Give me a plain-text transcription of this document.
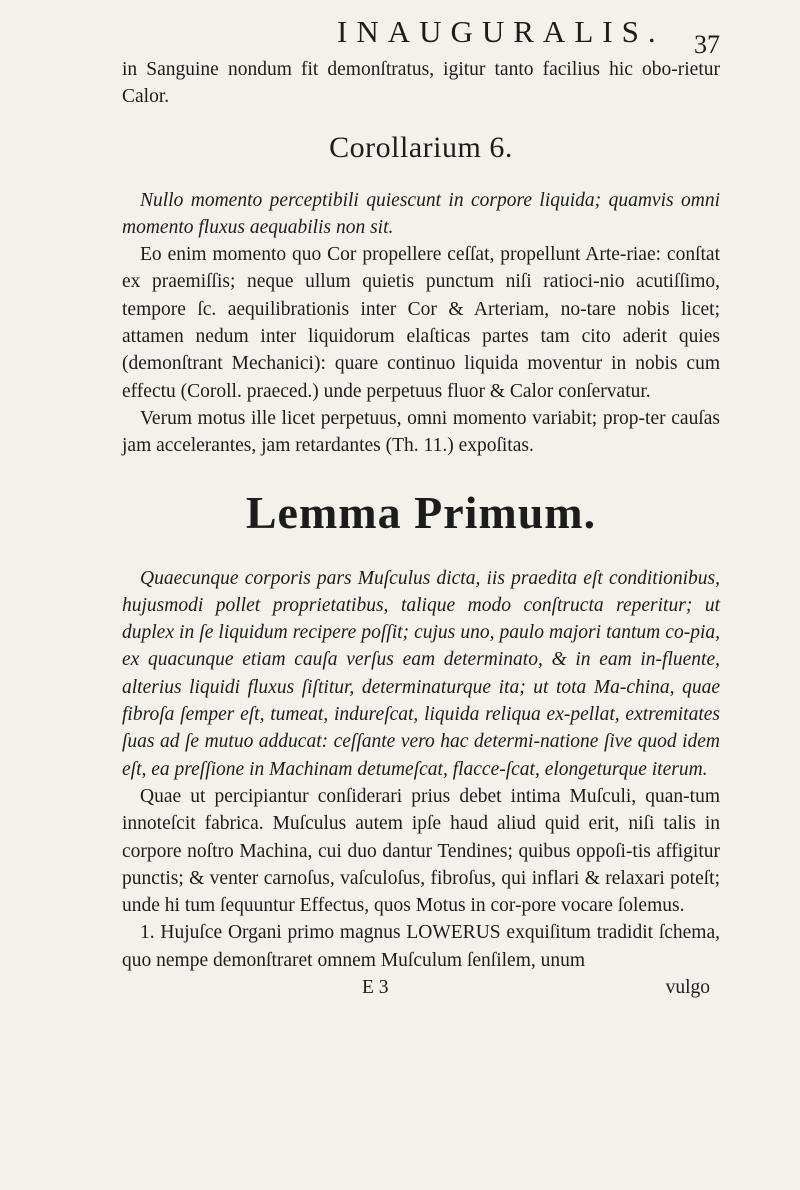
INAUGURALIS. 37

in Sanguine nondum fit demonſtratus, igitur tanto facilius hic obo-rietur Calor.

Corollarium 6.

Nullo momento perceptibili quiescunt in corpore liquida; quamvis omni momento fluxus aequabilis non sit.

Eo enim momento quo Cor propellere ceſſat, propellunt Arte-riae: conſtat ex praemiſſis; neque ullum quietis punctum niſi ratioci-nio acutiſſimo, tempore ſc. aequilibrationis inter Cor & Arteriam, no-tare nobis licet; attamen nedum inter liquidorum elaſticas partes tam cito aderit quies (demonſtrant Mechanici): quare continuo liquida moventur in nobis cum effectu (Coroll. praeced.) unde perpetuus fluor & Calor conſervatur.

Verum motus ille licet perpetuus, omni momento variabit; prop-ter cauſas jam accelerantes, jam retardantes (Th. 11.) expoſitas.

Lemma Primum.

Quaecunque corporis pars Muſculus dicta, iis praedita eſt conditionibus, hujusmodi pollet proprietatibus, talique modo conſtructa reperitur; ut duplex in ſe liquidum recipere poſſit; cujus uno, paulo majori tantum co-pia, ex quacunque etiam cauſa verſus eam determinato, & in eam in-fluente, alterius liquidi fluxus ſiſtitur, determinaturque ita; ut tota Ma-china, quae fibroſa ſemper eſt, tumeat, indureſcat, liquida reliqua ex-pellat, extremitates ſuas ad ſe mutuo adducat: ceſſante vero hac determi-natione ſive quod idem eſt, ea preſſione in Machinam detumeſcat, flacce-ſcat, elongeturque iterum.

Quae ut percipiantur conſiderari prius debet intima Muſculi, quan-tum innoteſcit fabrica. Muſculus autem ipſe haud aliud quid erit, niſi talis in corpore noſtro Machina, cui duo dantur Tendines; quibus oppoſi-tis affigitur punctis; & venter carnoſus, vaſculoſus, fibroſus, qui inflari & relaxari poteſt; unde hi tum ſequuntur Effectus, quos Motus in cor-pore vocare ſolemus.

1. Hujuſce Organi primo magnus LOWERUS exquiſitum tradidit ſchema, quo nempe demonſtraret omnem Muſculum ſenſilem, unum

E 3	vulgo
